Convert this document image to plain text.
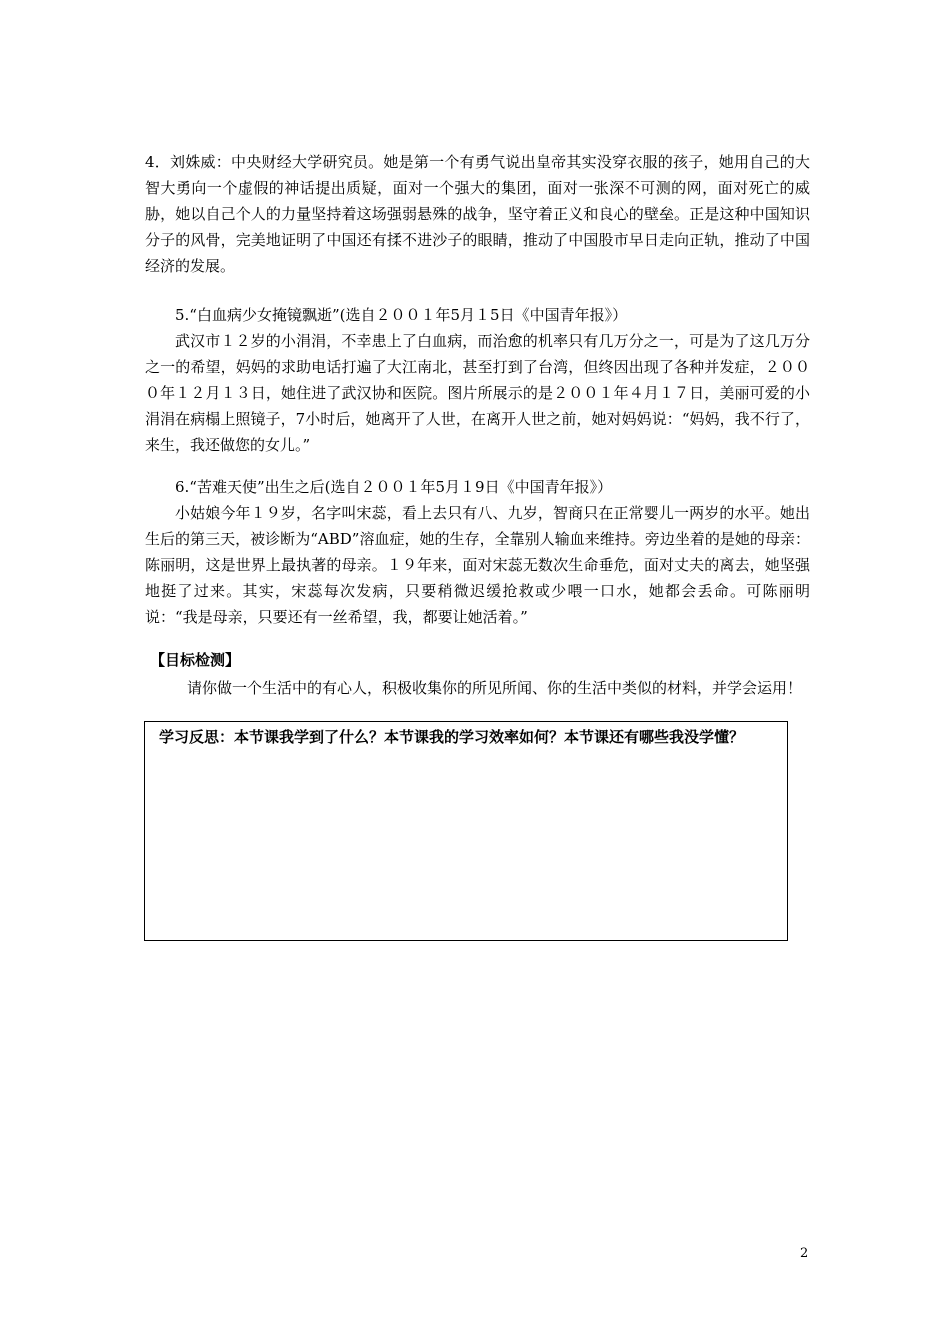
4．刘姝威：中央财经大学研究员。她是第一个有勇气说出皇帝其实没穿衣服的孩子，她用自己的大智大勇向一个虚假的神话提出质疑，面对一个强大的集团，面对一张深不可测的网，面对死亡的威胁，她以自己个人的力量坚持着这场强弱悬殊的战争，坚守着正义和良心的壁垒。正是这种中国知识分子的风骨，完美地证明了中国还有揉不进沙子的眼睛，推动了中国股市早日走向正轨，推动了中国经济的发展。

5.“白血病少女掩镜飘逝”(选自２００１年5月１5日《中国青年报》）

武汉市１２岁的小涓涓，不幸患上了白血病，而治愈的机率只有几万分之一，可是为了这几万分之一的希望，妈妈的求助电话打遍了大江南北，甚至打到了台湾，但终因出现了各种并发症，２０００年１２月１３日，她住进了武汉协和医院。图片所展示的是２００１年４月１７日，美丽可爱的小涓涓在病榻上照镜子，7小时后，她离开了人世，在离开人世之前，她对妈妈说：“妈妈，我不行了，来生，我还做您的女儿。”

6.“苦难天使”出生之后(选自２００１年5月１9日《中国青年报》）

小姑娘今年１９岁，名字叫宋蕊，看上去只有八、九岁，智商只在正常婴儿一两岁的水平。她出生后的第三天，被诊断为“ABD”溶血症，她的生存，全靠别人输血来维持。旁边坐着的是她的母亲：陈丽明，这是世界上最执著的母亲。１９年来，面对宋蕊无数次生命垂危，面对丈夫的离去，她坚强地挺了过来。其实，宋蕊每次发病，只要稍微迟缓抢救或少喂一口水，她都会丢命。可陈丽明说：“我是母亲，只要还有一丝希望，我，都要让她活着。”

【目标检测】

请你做一个生活中的有心人，积极收集你的所见所闻、你的生活中类似的材料，并学会运用！

学习反思：本节课我学到了什么？本节课我的学习效率如何？本节课还有哪些我没学懂？

2
